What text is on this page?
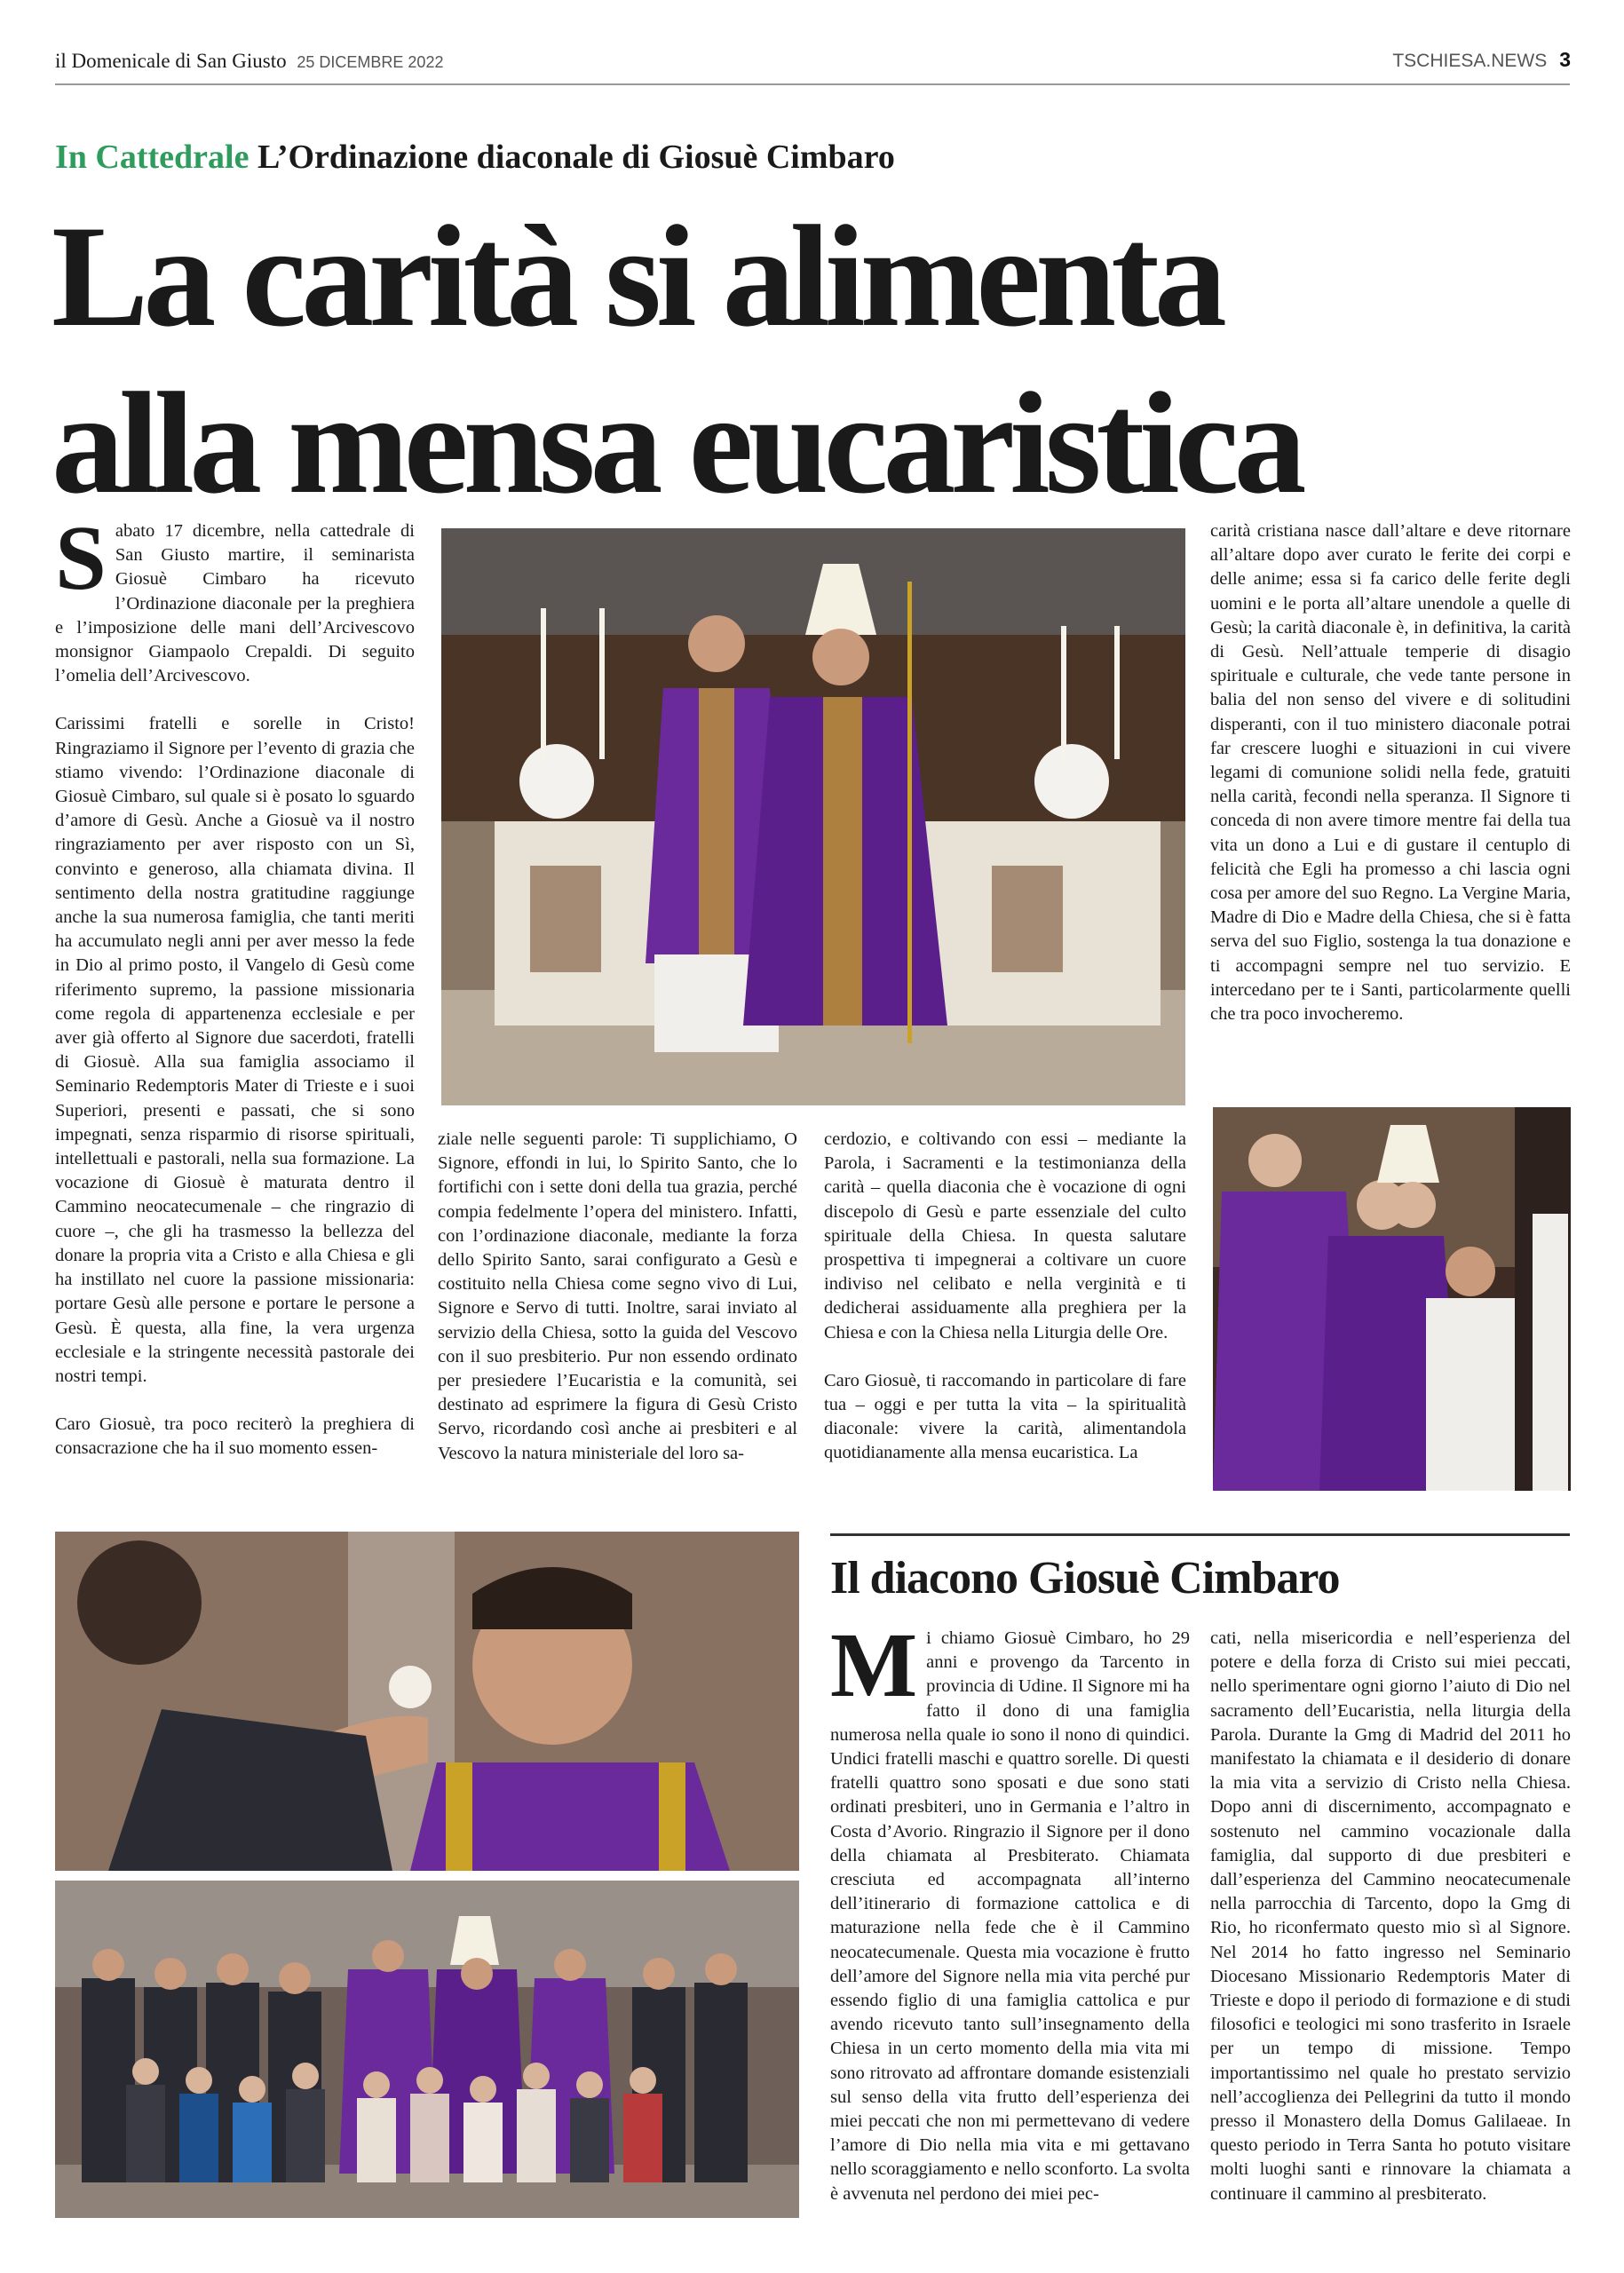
il Domenicale di San Giusto 25 DICEMBRE 2022	TSCHIESA.NEWS 3
In Cattedrale L’Ordinazione diaconale di Giosuè Cimbaro
La carità si alimenta
alla mensa eucaristica

Sabato 17 dicembre, nella cattedrale di San Giusto martire, il seminarista Giosuè Cimbaro ha ricevuto l’Ordinazione diaconale per la preghiera e l’imposizione delle mani dell’Arcivescovo monsignor Giampaolo Crepaldi. Di seguito l’omelia dell’Arcivescovo.

Carissimi fratelli e sorelle in Cristo! Ringraziamo il Signore per l’evento di grazia che stiamo vivendo: l’Ordinazione diaconale di Giosuè Cimbaro, sul quale si è posato lo sguardo d’amore di Gesù. Anche a Giosuè va il nostro ringraziamento per aver risposto con un Sì, convinto e generoso, alla chiamata divina. Il sentimento della nostra gratitudine raggiunge anche la sua numerosa famiglia, che tanti meriti ha accumulato negli anni per aver messo la fede in Dio al primo posto, il Vangelo di Gesù come riferimento supremo, la passione missionaria come regola di appartenenza ecclesiale e per aver già offerto al Signore due sacerdoti, fratelli di Giosuè. Alla sua famiglia associamo il Seminario Redemptoris Mater di Trieste e i suoi Superiori, presenti e passati, che si sono impegnati, senza risparmio di risorse spirituali, intellettuali e pastorali, nella sua formazione. La vocazione di Giosuè è maturata dentro il Cammino neocatecumenale – che ringrazio di cuore –, che gli ha trasmesso la bellezza del donare la propria vita a Cristo e alla Chiesa e gli ha instillato nel cuore la passione missionaria: portare Gesù alle persone e portare le persone a Gesù. È questa, alla fine, la vera urgenza ecclesiale e la stringente necessità pastorale dei nostri tempi.

Caro Giosuè, tra poco reciterò la preghiera di consacrazione che ha il suo momento essen-

ziale nelle seguenti parole: Ti supplichiamo, O Signore, effondi in lui, lo Spirito Santo, che lo fortifichi con i sette doni della tua grazia, perché compia fedelmente l’opera del ministero. Infatti, con l’ordinazione diaconale, mediante la forza dello Spirito Santo, sarai configurato a Gesù e costituito nella Chiesa come segno vivo di Lui, Signore e Servo di tutti. Inoltre, sarai inviato al servizio della Chiesa, sotto la guida del Vescovo con il suo presbiterio. Pur non essendo ordinato per presiedere l’Eucaristia e la comunità, sei destinato ad esprimere la figura di Gesù Cristo Servo, ricordando così anche ai presbiteri e al Vescovo la natura ministeriale del loro sa-

cerdozio, e coltivando con essi – mediante la Parola, i Sacramenti e la testimonianza della carità – quella diaconia che è vocazione di ogni discepolo di Gesù e parte essenziale del culto spirituale della Chiesa. In questa salutare prospettiva ti impegnerai a coltivare un cuore indiviso nel celibato e nella verginità e ti dedicherai assiduamente alla preghiera per la Chiesa e con la Chiesa nella Liturgia delle Ore.

Caro Giosuè, ti raccomando in particolare di fare tua – oggi e per tutta la vita – la spiritualità diaconale: vivere la carità, alimentandola quotidianamente alla mensa eucaristica. La

carità cristiana nasce dall’altare e deve ritornare all’altare dopo aver curato le ferite dei corpi e delle anime; essa si fa carico delle ferite degli uomini e le porta all’altare unendole a quelle di Gesù; la carità diaconale è, in definitiva, la carità di Gesù. Nell’attuale temperie di disagio spirituale e culturale, che vede tante persone in balia del non senso del vivere e di solitudini disperanti, con il tuo ministero diaconale potrai far crescere luoghi e situazioni in cui vivere legami di comunione solidi nella fede, gratuiti nella carità, fecondi nella speranza. Il Signore ti conceda di non avere timore mentre fai della tua vita un dono a Lui e di gustare il centuplo di felicità che Egli ha promesso a chi lascia ogni cosa per amore del suo Regno. La Vergine Maria, Madre di Dio e Madre della Chiesa, che si è fatta serva del suo Figlio, sostenga la tua donazione e ti accompagni sempre nel tuo servizio. E intercedano per te i Santi, particolarmente quelli che tra poco invocheremo.

Il diacono Giosuè Cimbaro

Mi chiamo Giosuè Cimbaro, ho 29 anni e provengo da Tarcento in provincia di Udine. Il Signore mi ha fatto il dono di una famiglia numerosa nella quale io sono il nono di quindici. Undici fratelli maschi e quattro sorelle. Di questi fratelli quattro sono sposati e due sono stati ordinati presbiteri, uno in Germania e l’altro in Costa d’Avorio. Ringrazio il Signore per il dono della chiamata al Presbiterato. Chiamata cresciuta ed accompagnata all’interno dell’itinerario di formazione cattolica e di maturazione nella fede che è il Cammino neocatecumenale. Questa mia vocazione è frutto dell’amore del Signore nella mia vita perché pur essendo figlio di una famiglia cattolica e pur avendo ricevuto tanto sull’insegnamento della Chiesa in un certo momento della mia vita mi sono ritrovato ad affrontare domande esistenziali sul senso della vita frutto dell’esperienza dei miei peccati che non mi permettevano di vedere l’amore di Dio nella mia vita e mi gettavano nello scoraggiamento e nello sconforto. La svolta è avvenuta nel perdono dei miei pec-

cati, nella misericordia e nell’esperienza del potere e della forza di Cristo sui miei peccati, nello sperimentare ogni giorno l’aiuto di Dio nel sacramento dell’Eucaristia, nella liturgia della Parola. Durante la Gmg di Madrid del 2011 ho manifestato la chiamata e il desiderio di donare la mia vita a servizio di Cristo nella Chiesa. Dopo anni di discernimento, accompagnato e sostenuto nel cammino vocazionale dalla famiglia, dal supporto di due presbiteri e dall’esperienza del Cammino neocatecumenale nella parrocchia di Tarcento, dopo la Gmg di Rio, ho riconfermato questo mio sì al Signore. Nel 2014 ho fatto ingresso nel Seminario Diocesano Missionario Redemptoris Mater di Trieste e dopo il periodo di formazione e di studi filosofici e teologici mi sono trasferito in Israele per un tempo di missione. Tempo importantissimo nel quale ho prestato servizio nell’accoglienza dei Pellegrini da tutto il mondo presso il Monastero della Domus Galilaeae. In questo periodo in Terra Santa ho potuto visitare molti luoghi santi e rinnovare la chiamata a continuare il cammino al presbiterato.
